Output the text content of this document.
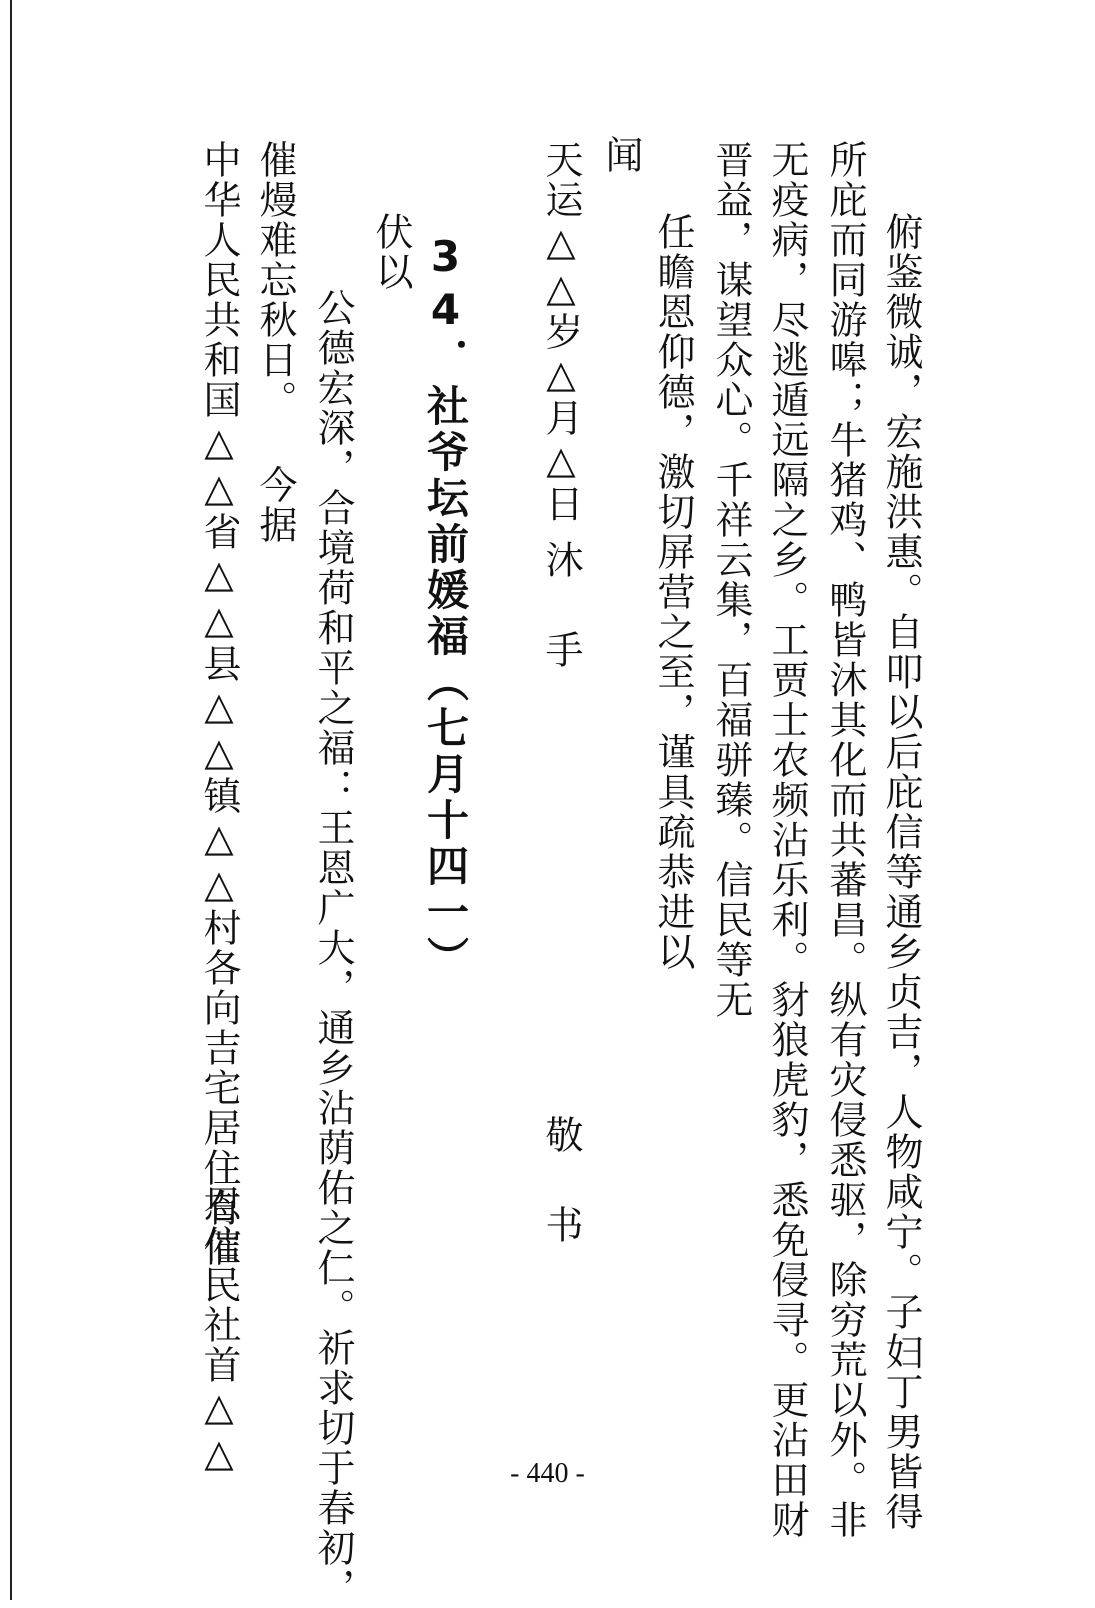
俯鉴微诚，宏施洪惠。自叩以后庇信等通乡贞吉，人物咸宁。子妇丁男皆得
所庇而同游嗥；牛猪鸡、鸭皆沐其化而共蕃昌。纵有灾侵悉驱，除穷荒以外。非
无疫病，尽逃遁远隔之乡。工贾士农频沾乐利。豺狼虎豹，悉免侵寻。更沾田财
晋益，谋望众心。千祥云集，百福骈臻。信民等无
任瞻恩仰德，激切屏营之至，谨具疏恭进以
闻
天运△△岁△月△日
沐手
敬书
34．社爷坛前媛福（七月十四一）
伏以
公德宏深，合境荷和平之福：王恩广大，通乡沾荫佑之仁。祈求切于春初，
催熳难忘秋日。
今据
中华人民共和国△△省△△县△△镇△△村各向吉宅居住有催
恩信民社首△△	- 440 -
